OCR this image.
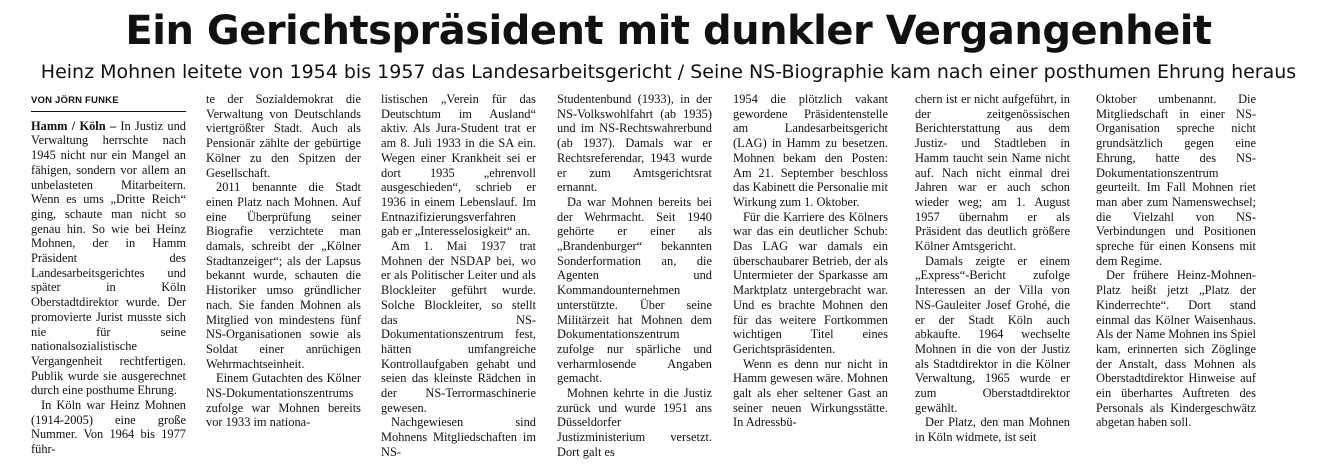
Ein Gerichtspräsident mit dunkler Vergangenheit
Heinz Mohnen leitete von 1954 bis 1957 das Landesarbeitsgericht / Seine NS-Biographie kam nach einer posthumen Ehrung heraus
VON JÖRN FUNKE

Hamm / Köln – In Justiz und Verwaltung herrschte nach 1945 nicht nur ein Mangel an fähigen, sondern vor allem an unbelasteten Mitarbeitern. Wenn es ums „Dritte Reich“ ging, schaute man nicht so genau hin. So wie bei Heinz Mohnen, der in Hamm Präsident des Landesarbeitsgerichtes und später in Köln Oberstadtdirektor wurde. Der promovierte Jurist musste sich nie für seine nationalsozialistische Vergangenheit rechtfertigen. Publik wurde sie ausgerechnet durch eine posthume Ehrung.

In Köln war Heinz Mohnen (1914-2005) eine große Nummer. Von 1964 bis 1977 führ-

te der Sozialdemokrat die Verwaltung von Deutschlands viertgrößter Stadt. Auch als Pensionär zählte der gebürtige Kölner zu den Spitzen der Gesellschaft.

2011 benannte die Stadt einen Platz nach Mohnen. Auf eine Überprüfung seiner Biografie verzichtete man damals, schreibt der „Kölner Stadtanzeiger“; als der Lapsus bekannt wurde, schauten die Historiker umso gründlicher nach. Sie fanden Mohnen als Mitglied von mindestens fünf NS-Organisationen sowie als Soldat einer anrüchigen Wehrmachtseinheit.

Einem Gutachten des Kölner NS-Dokumentationszentrums zufolge war Mohnen bereits vor 1933 im nationa-

listischen „Verein für das Deutschtum im Ausland“ aktiv. Als Jura-Student trat er am 8. Juli 1933 in die SA ein. Wegen einer Krankheit sei er dort 1935 „ehrenvoll ausgeschieden“, schrieb er 1936 in einem Lebenslauf. Im Entnazifizierungsverfahren gab er „Interesselosigkeit“ an.

Am 1. Mai 1937 trat Mohnen der NSDAP bei, wo er als Politischer Leiter und als Blockleiter geführt wurde. Solche Blockleiter, so stellt das NS-Dokumentationszentrum fest, hätten umfangreiche Kontrollaufgaben gehabt und seien das kleinste Rädchen in der NS-Terrormaschinerie gewesen.

Nachgewiesen sind Mohnens Mitgliedschaften im NS-

Studentenbund (1933), in der NS-Volkswohlfahrt (ab 1935) und im NS-Rechtswahrerbund (ab 1937). Damals war er Rechtsreferendar, 1943 wurde er zum Amtsgerichtsrat ernannt.

Da war Mohnen bereits bei der Wehrmacht. Seit 1940 gehörte er einer als „Brandenburger“ bekannten Sonderformation an, die Agenten und Kommandounternehmen unterstützte. Über seine Militärzeit hat Mohnen dem Dokumentationszentrum zufolge nur spärliche und verharmlosende Angaben gemacht.

Mohnen kehrte in die Justiz zurück und wurde 1951 ans Düsseldorfer Justizministerium versetzt. Dort galt es

1954 die plötzlich vakant gewordene Präsidentenstelle am Landesarbeitsgericht (LAG) in Hamm zu besetzen. Mohnen bekam den Posten: Am 21. September beschloss das Kabinett die Personalie mit Wirkung zum 1. Oktober.

Für die Karriere des Kölners war das ein deutlicher Schub: Das LAG war damals ein überschaubarer Betrieb, der als Untermieter der Sparkasse am Marktplatz untergebracht war. Und es brachte Mohnen den für das weitere Fortkommen wichtigen Titel eines Gerichtspräsidenten.

Wenn es denn nur nicht in Hamm gewesen wäre. Mohnen galt als eher seltener Gast an seiner neuen Wirkungsstätte. In Adressbü-

chern ist er nicht aufgeführt, in der zeitgenössischen Berichterstattung aus dem Justiz- und Stadtleben in Hamm taucht sein Name nicht auf. Nach nicht einmal drei Jahren war er auch schon wieder weg; am 1. August 1957 übernahm er als Präsident das deutlich größere Kölner Amtsgericht.

Damals zeigte er einem „Express“-Bericht zufolge Interessen an der Villa von NS-Gauleiter Josef Grohé, die er der Stadt Köln auch abkaufte. 1964 wechselte Mohnen in die von der Justiz als Stadtdirektor in die Kölner Verwaltung, 1965 wurde er zum Oberstadtdirektor gewählt.

Der Platz, den man Mohnen in Köln widmete, ist seit

Oktober umbenannt. Die Mitgliedschaft in einer NS-Organisation spreche nicht grundsätzlich gegen eine Ehrung, hatte des NS-Dokumentationszentrum geurteilt. Im Fall Mohnen riet man aber zum Namenswechsel; die Vielzahl von NS-Verbindungen und Positionen spreche für einen Konsens mit dem Regime.

Der frühere Heinz-Mohnen-Platz heißt jetzt „Platz der Kinderrechte“. Dort stand einmal das Kölner Waisenhaus. Als der Name Mohnen ins Spiel kam, erinnerten sich Zöglinge der Anstalt, dass Mohnen als Oberstadtdirektor Hinweise auf ein überhartes Auftreten des Personals als Kindergeschwätz abgetan haben soll.
